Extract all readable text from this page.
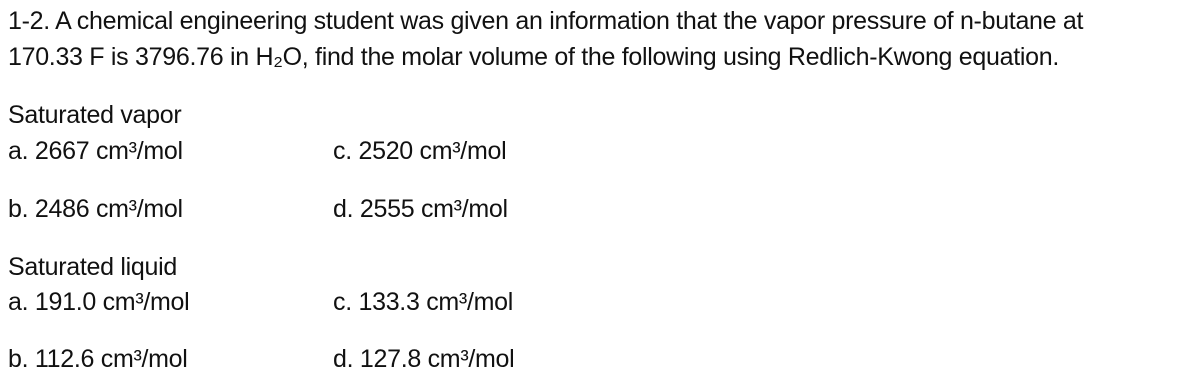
1-2. A chemical engineering student was given an information that the vapor pressure of n-butane at
170.33 F is 3796.76 in H₂O, find the molar volume of the following using Redlich-Kwong equation.
Saturated vapor
a. 2667 cm³/mol	c. 2520 cm³/mol
b. 2486 cm³/mol	d. 2555 cm³/mol
Saturated liquid
a. 191.0 cm³/mol	c. 133.3 cm³/mol
b. 112.6 cm³/mol	d. 127.8 cm³/mol
